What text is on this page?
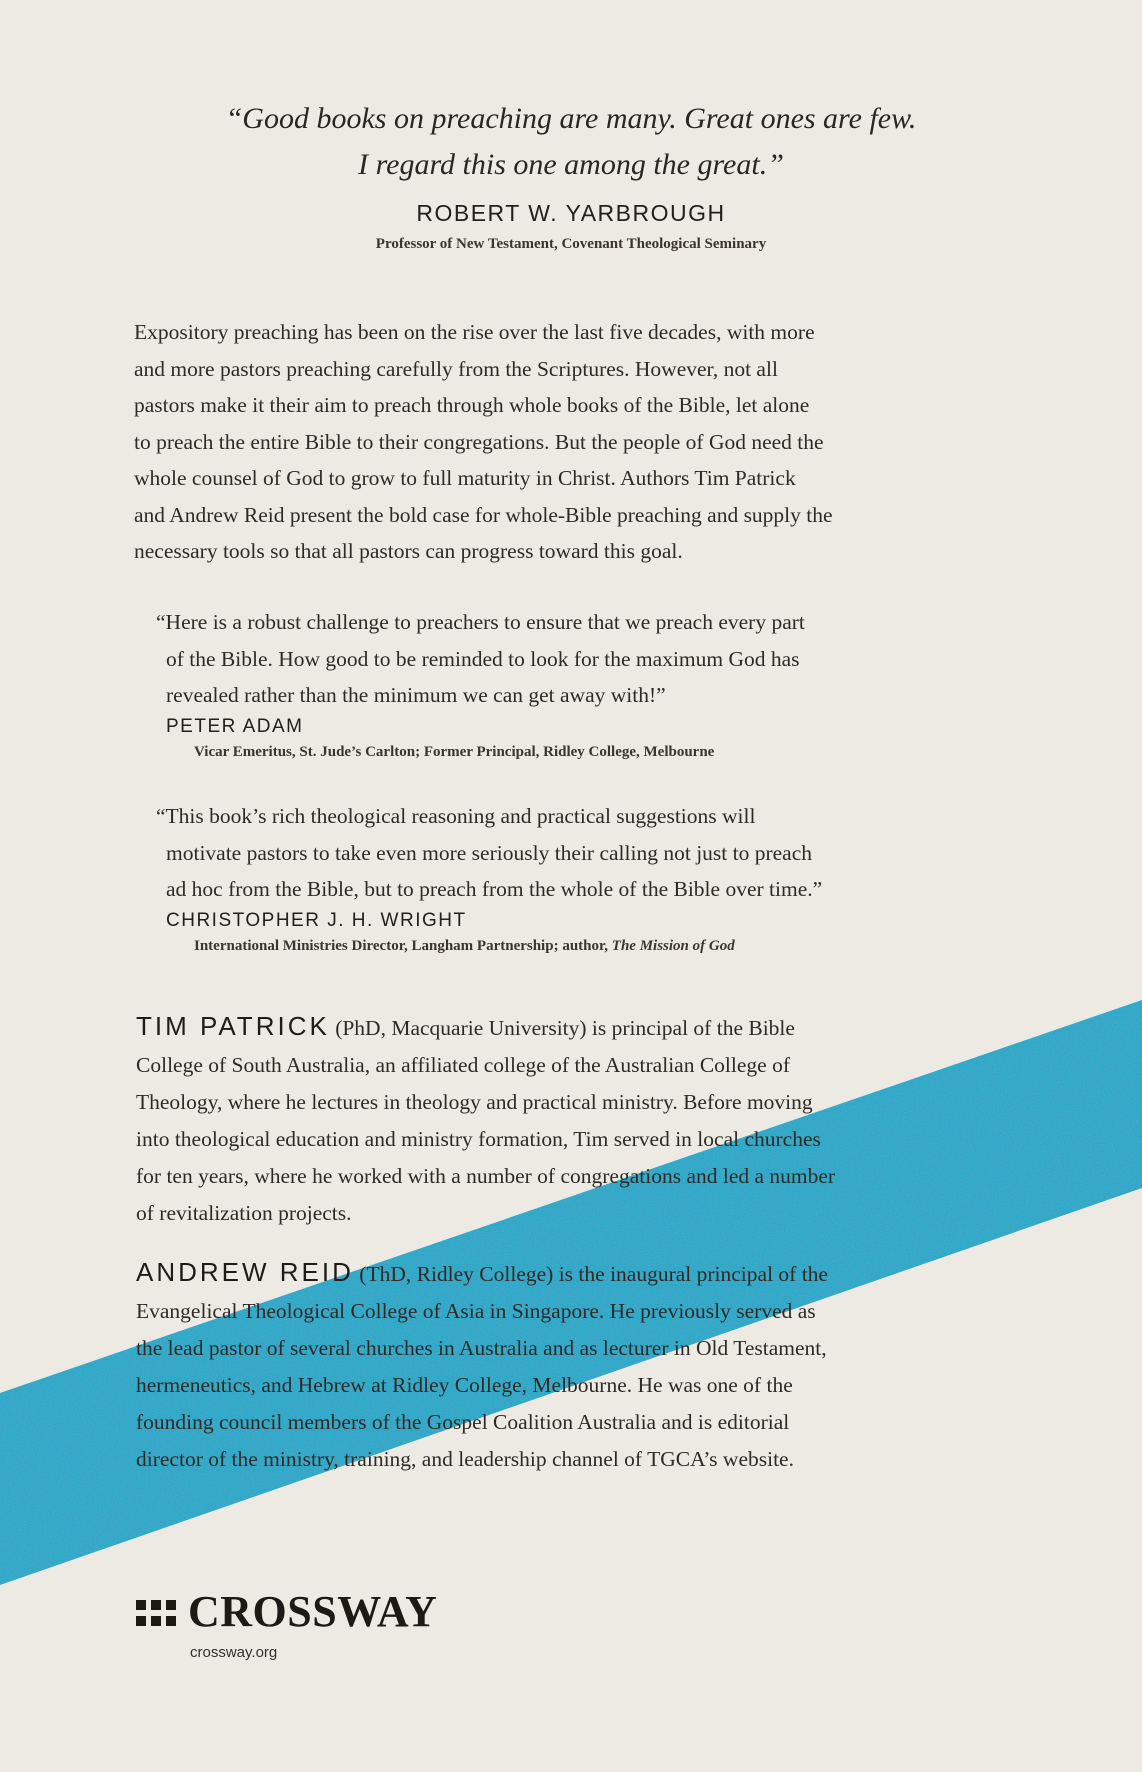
“Good books on preaching are many. Great ones are few.
I regard this one among the great.”
ROBERT W. YARBROUGH
Professor of New Testament, Covenant Theological Seminary
Expository preaching has been on the rise over the last five decades, with more
and more pastors preaching carefully from the Scriptures. However, not all
pastors make it their aim to preach through whole books of the Bible, let alone
to preach the entire Bible to their congregations. But the people of God need the
whole counsel of God to grow to full maturity in Christ. Authors Tim Patrick
and Andrew Reid present the bold case for whole-Bible preaching and supply the
necessary tools so that all pastors can progress toward this goal.
“Here is a robust challenge to preachers to ensure that we preach every part
of the Bible. How good to be reminded to look for the maximum God has
revealed rather than the minimum we can get away with!”
PETER ADAM
Vicar Emeritus, St. Jude’s Carlton; Former Principal, Ridley College, Melbourne
“This book’s rich theological reasoning and practical suggestions will
motivate pastors to take even more seriously their calling not just to preach
ad hoc from the Bible, but to preach from the whole of the Bible over time.”
CHRISTOPHER J. H. WRIGHT
International Ministries Director, Langham Partnership; author, The Mission of God
TIM PATRICK (PhD, Macquarie University) is principal of the Bible
College of South Australia, an affiliated college of the Australian College of
Theology, where he lectures in theology and practical ministry. Before moving
into theological education and ministry formation, Tim served in local churches
for ten years, where he worked with a number of congregations and led a number
of revitalization projects.
ANDREW REID (ThD, Ridley College) is the inaugural principal of the
Evangelical Theological College of Asia in Singapore. He previously served as
the lead pastor of several churches in Australia and as lecturer in Old Testament,
hermeneutics, and Hebrew at Ridley College, Melbourne. He was one of the
founding council members of the Gospel Coalition Australia and is editorial
director of the ministry, training, and leadership channel of TGCA’s website.
CROSSWAY
crossway.org
